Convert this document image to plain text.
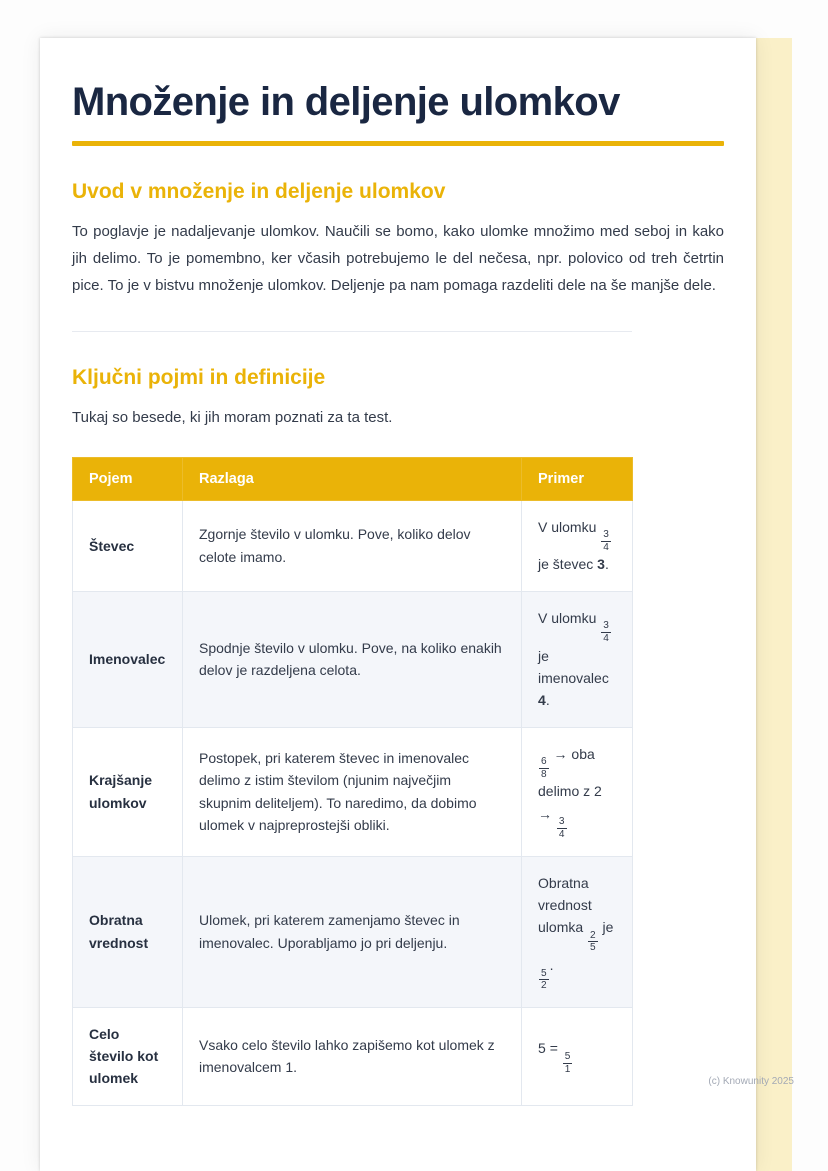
Množenje in deljenje ulomkov
Uvod v množenje in deljenje ulomkov

To poglavje je nadaljevanje ulomkov. Naučili se bomo, kako ulomke množimo med seboj in kako jih delimo. To je pomembno, ker včasih potrebujemo le del nečesa, npr. polovico od treh četrtin pice. To je v bistvu množenje ulomkov. Deljenje pa nam pomaga razdeliti dele na še manjše dele.

Ključni pojmi in definicije

Tukaj so besede, ki jih moram poznati za ta test.

Pojem	Razlaga	Primer
Števec	Zgornje število v ulomku. Pove, koliko delov celote imamo.	V ulomku
$\frac{3}{4}$
je števec 3.
Imenovalec	Spodnje število v ulomku. Pove, na koliko enakih delov je razdeljena celota.	V ulomku
$\frac{3}{4}$
je imenovalec 4.
Krajšanje ulomkov	Postopek, pri katerem števec in imenovalec delimo z istim številom (njunim največjim skupnim deliteljem). To naredimo, da dobimo ulomek v najpreprostejši obliki.	$\frac{6}{8}$
→ oba delimo z 2 →
$\frac{3}{4}$

Obratna vrednost	Ulomek, pri katerem zamenjamo števec in imenovalec. Uporabljamo jo pri deljenju.	Obratna vrednost ulomka
$\frac{2}{5}$
je
$\frac{5}{2}$
.
Celo število kot ulomek	Vsako celo število lahko zapišemo kot ulomek z imenovalcem 1.	5 =
$\frac{5}{1}$
(c) Knowunity 2025
